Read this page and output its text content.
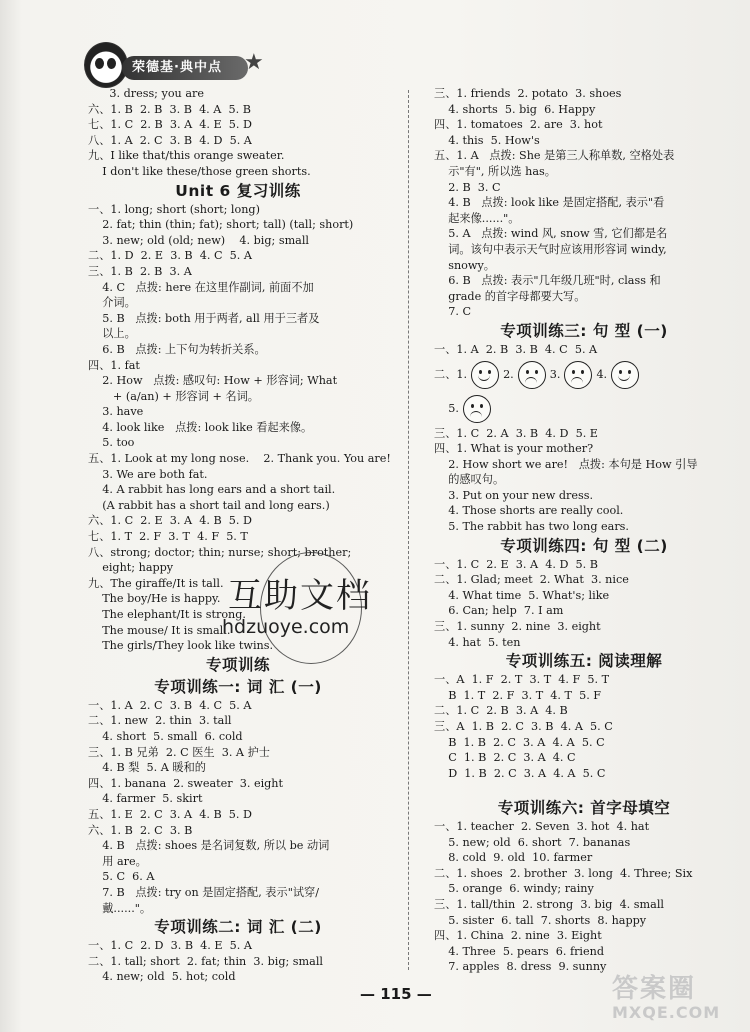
荣德基·典中点	★
3. dress; you are
六、1. B  2. B  3. B  4. A  5. B
七、1. C  2. B  3. A  4. E  5. D
八、1. A  2. C  3. B  4. D  5. A
九、I like that/this orange sweater.
I don't like these/those green shorts.
Unit 6 复习训练
一、1. long; short (short; long)
2. fat; thin (thin; fat); short; tall) (tall; short)
3. new; old (old; new)    4. big; small
二、1. D  2. E  3. B  4. C  5. A
三、1. B  2. B  3. A
4. C   点拨: here 在这里作副词, 前面不加
介词。
5. B   点拨: both 用于两者, all 用于三者及
以上。
6. B   点拨: 上下句为转折关系。
四、1. fat
2. How   点拨: 感叹句: How + 形容词; What
+ (a/an) + 形容词 + 名词。
3. have
4. look like   点拨: look like 看起来像。
5. too
五、1. Look at my long nose.    2. Thank you. You are!
3. We are both fat.
4. A rabbit has long ears and a short tail.
(A rabbit has a short tail and long ears.)
六、1. C  2. E  3. A  4. B  5. D
七、1. T  2. F  3. T  4. F  5. T
八、strong; doctor; thin; nurse; short; brother;
eight; happy
九、The giraffe/It is tall.
The boy/He is happy.
The elephant/It is strong.
The mouse/ It is small.
The girls/They look like twins.
专项训练
专项训练一: 词 汇 (一)
一、1. A  2. C  3. B  4. C  5. A
二、1. new  2. thin  3. tall
4. short  5. small  6. cold
三、1. B 兄弟  2. C 医生  3. A 护士
4. B 梨  5. A 暖和的
四、1. banana  2. sweater  3. eight
4. farmer  5. skirt
五、1. E  2. C  3. A  4. B  5. D
六、1. B  2. C  3. B
4. B   点拨: shoes 是名词复数, 所以 be 动词
用 are。
5. C  6. A
7. B   点拨: try on 是固定搭配, 表示"试穿/
戴......"。
专项训练二: 词 汇 (二)
一、1. C  2. D  3. B  4. E  5. A
二、1. tall; short  2. fat; thin  3. big; small
4. new; old  5. hot; cold
三、1. friends  2. potato  3. shoes
4. shorts  5. big  6. Happy
四、1. tomatoes  2. are  3. hot
4. this  5. How's
五、1. A   点拨: She 是第三人称单数, 空格处表
示"有", 所以选 has。
2. B  3. C
4. B   点拨: look like 是固定搭配, 表示"看
起来像......"。
5. A   点拨: wind 风, snow 雪, 它们都是名
词。该句中表示天气时应该用形容词 windy,
snowy。
6. B   点拨: 表示"几年级几班"时, class 和
grade 的首字母都要大写。
7. C
专项训练三: 句 型 (一)
一、1. A  2. B  3. B  4. C  5. A
二、1.	2.	3.	4.
5.
三、1. C  2. A  3. B  4. D  5. E
四、1. What is your mother?
2. How short we are!   点拨: 本句是 How 引导
的感叹句。
3. Put on your new dress.
4. Those shorts are really cool.
5. The rabbit has two long ears.
专项训练四: 句 型 (二)
一、1. C  2. E  3. A  4. D  5. B
二、1. Glad; meet  2. What  3. nice
4. What time  5. What's; like
6. Can; help  7. I am
三、1. sunny  2. nine  3. eight
4. hat  5. ten
专项训练五: 阅读理解
一、A  1. F  2. T  3. T  4. F  5. T
B  1. T  2. F  3. T  4. T  5. F
二、1. C  2. B  3. A  4. B
三、A  1. B  2. C  3. B  4. A  5. C
B  1. B  2. C  3. A  4. A  5. C
C  1. B  2. C  3. A  4. C
D  1. B  2. C  3. A  4. A  5. C
专项训练六: 首字母填空
一、1. teacher  2. Seven  3. hot  4. hat
5. new; old  6. short  7. bananas
8. cold  9. old  10. farmer
二、1. shoes  2. brother  3. long  4. Three; Six
5. orange  6. windy; rainy
三、1. tall/thin  2. strong  3. big  4. small
5. sister  6. tall  7. shorts  8. happy
四、1. China  2. nine  3. Eight
4. Three  5. pears  6. friend
7. apples  8. dress  9. sunny
互助文档
hdzuoye.com
— 115 —	答案圈
MXQE.COM
